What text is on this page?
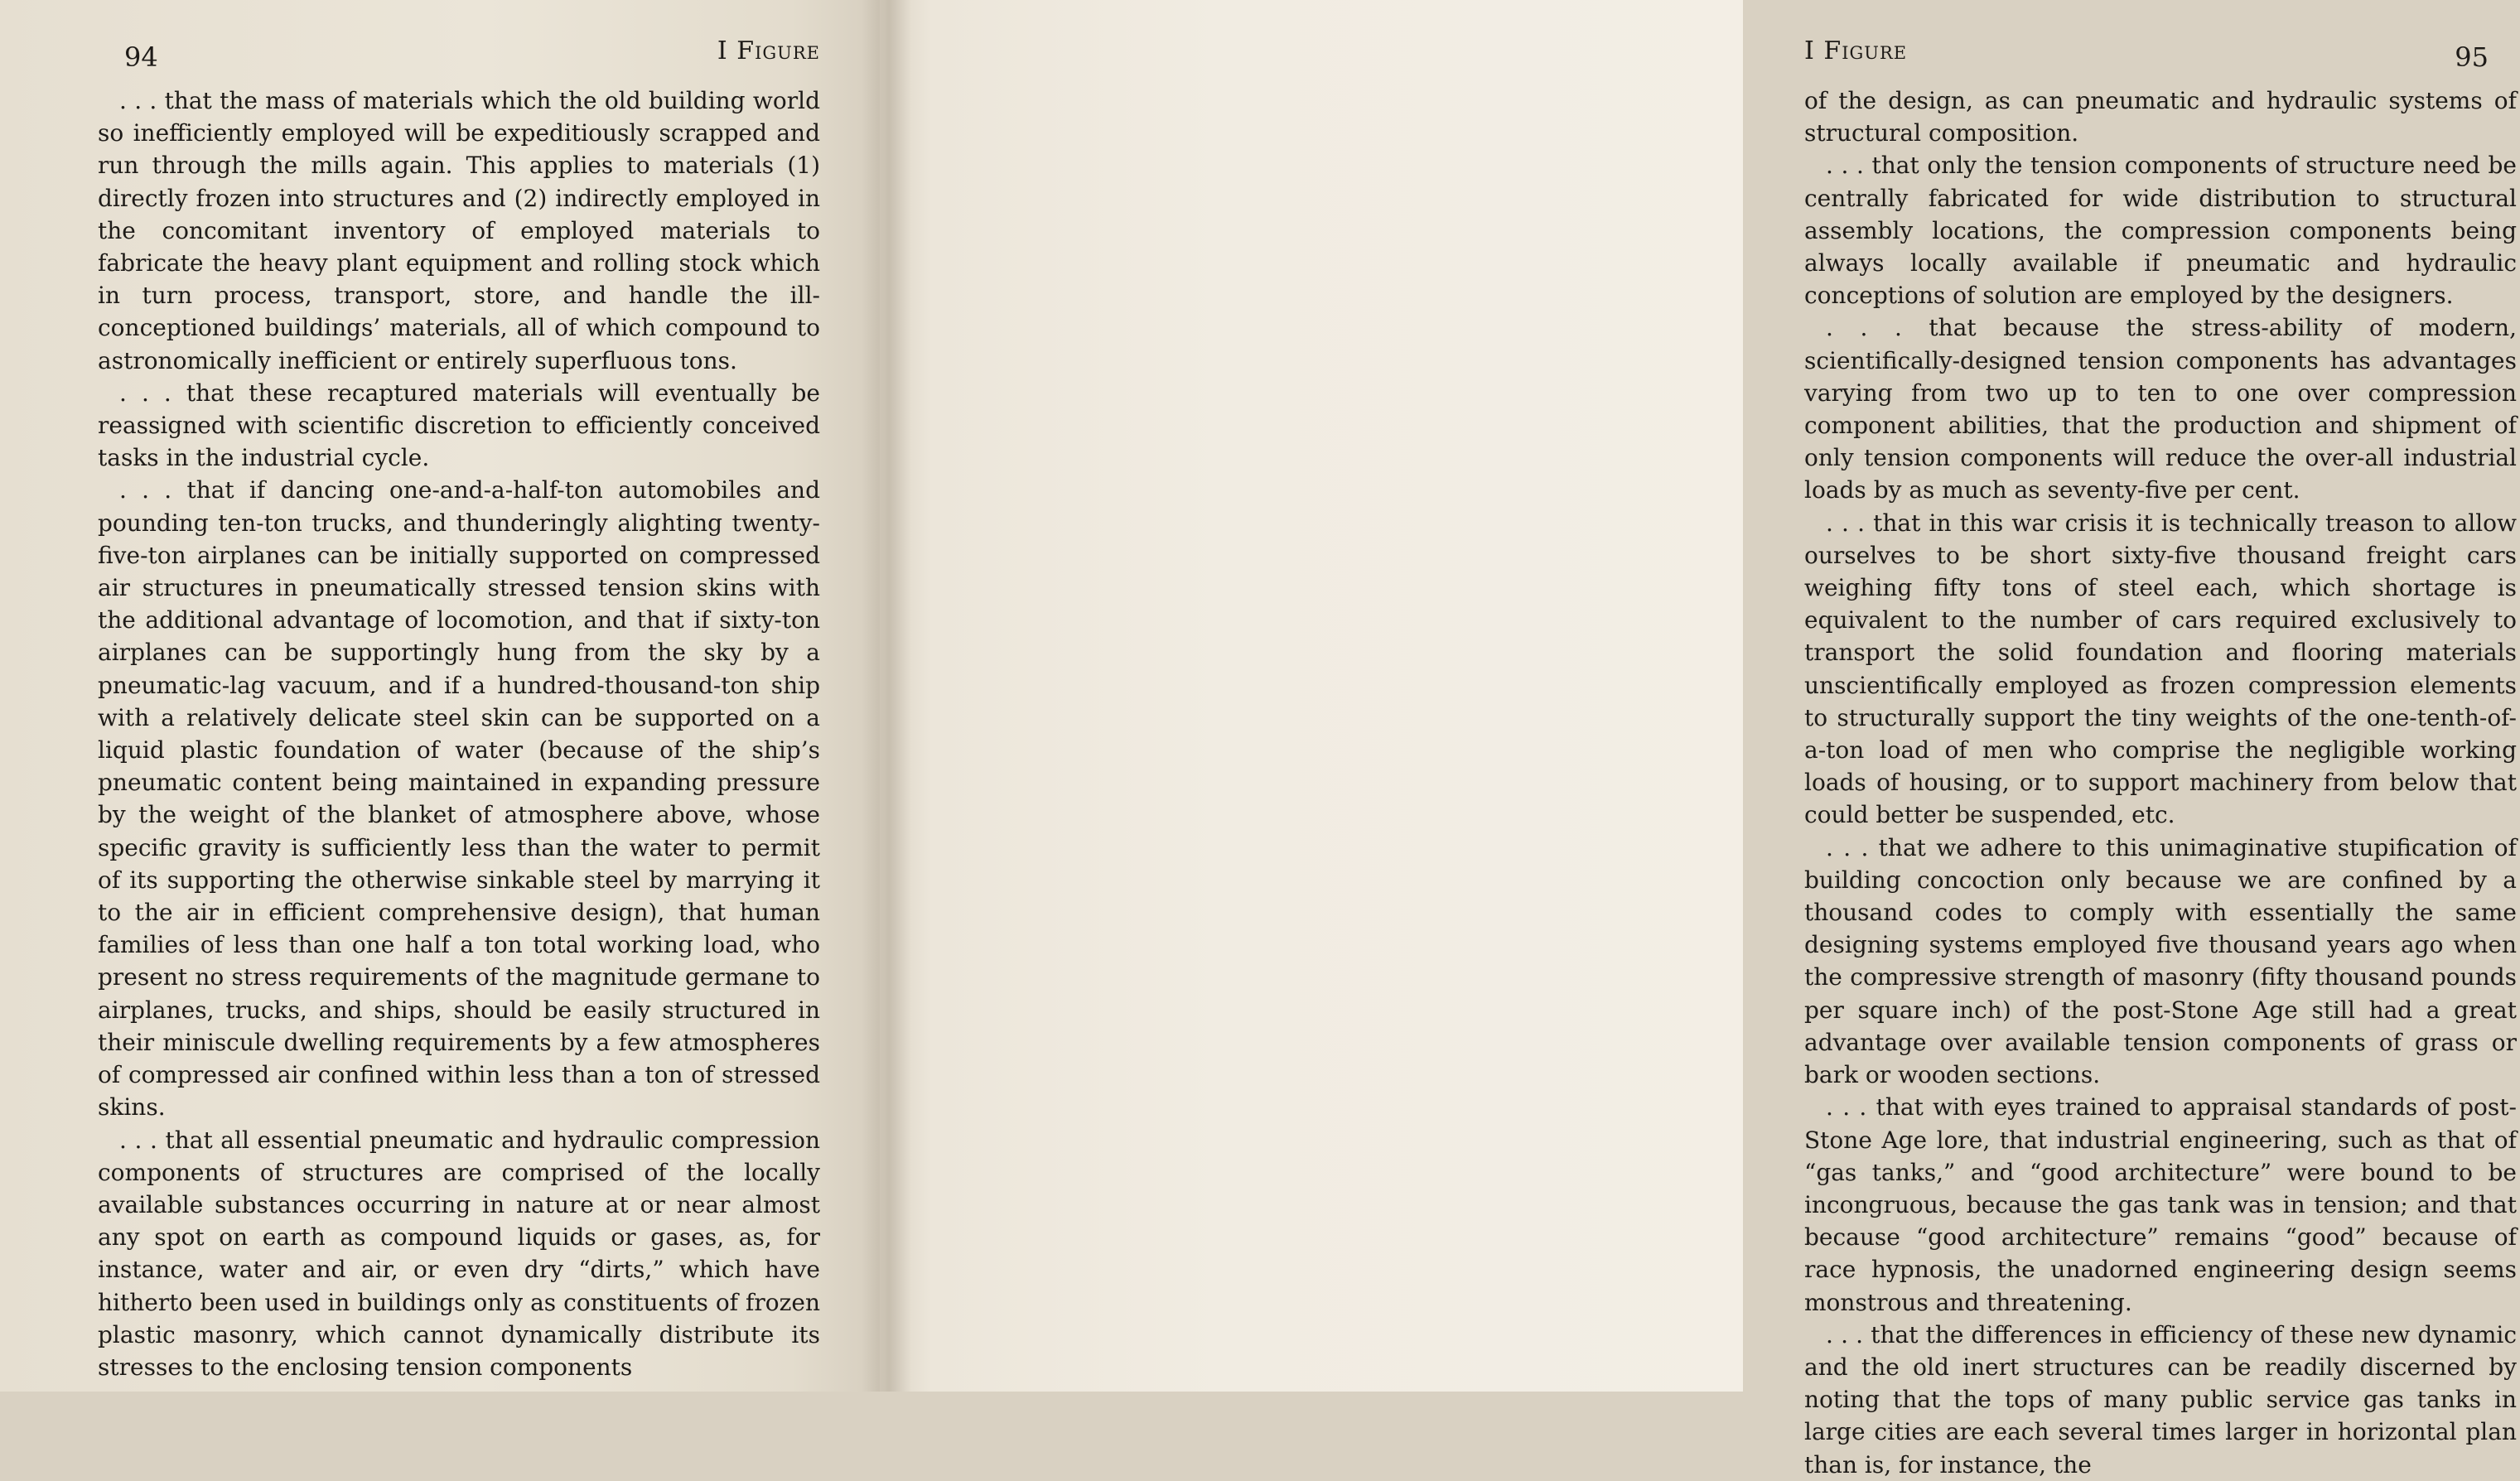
94	I Figure

. . . that the mass of materials which the old building world so inefficiently employed will be expeditiously scrapped and run through the mills again. This applies to materials (1) directly frozen into structures and (2) indirectly employed in the concomitant inventory of employed materials to fabricate the heavy plant equipment and rolling stock which in turn process, transport, store, and handle the ill-conceptioned buildings’ materials, all of which compound to astronomically inefficient or entirely superfluous tons.

. . . that these recaptured materials will eventually be reassigned with scientific discretion to efficiently conceived tasks in the industrial cycle.

. . . that if dancing one-and-a-half-ton automobiles and pounding ten-ton trucks, and thunderingly alighting twenty-five-ton airplanes can be initially supported on compressed air structures in pneumatically stressed tension skins with the additional advantage of locomotion, and that if sixty-ton airplanes can be supportingly hung from the sky by a pneumatic-lag vacuum, and if a hundred-thousand-ton ship with a relatively delicate steel skin can be supported on a liquid plastic foundation of water (because of the ship’s pneumatic content being maintained in expanding pressure by the weight of the blanket of atmosphere above, whose specific gravity is sufficiently less than the water to permit of its supporting the otherwise sinkable steel by marrying it to the air in efficient comprehensive design), that human families of less than one half a ton total working load, who present no stress requirements of the magnitude germane to airplanes, trucks, and ships, should be easily structured in their miniscule dwelling requirements by a few atmospheres of compressed air confined within less than a ton of stressed skins.

. . . that all essential pneumatic and hydraulic compression components of structures are comprised of the locally available substances occurring in nature at or near almost any spot on earth as compound liquids or gases, as, for instance, water and air, or even dry “dirts,” which have hitherto been used in buildings only as constituents of frozen plastic masonry, which cannot dynamically distribute its stresses to the enclosing tension components

I Figure	95

of the design, as can pneumatic and hydraulic systems of structural composition.

. . . that only the tension components of structure need be centrally fabricated for wide distribution to structural assembly locations, the compression components being always locally available if pneumatic and hydraulic conceptions of solution are employed by the designers.

. . . that because the stress-ability of modern, scientifically-designed tension components has advantages varying from two up to ten to one over compression component abilities, that the production and shipment of only tension components will reduce the over-all industrial loads by as much as seventy-five per cent.

. . . that in this war crisis it is technically treason to allow ourselves to be short sixty-five thousand freight cars weighing fifty tons of steel each, which shortage is equivalent to the number of cars required exclusively to transport the solid foundation and flooring materials unscientifically employed as frozen compression elements to structurally support the tiny weights of the one-tenth-of-a-ton load of men who comprise the negligible working loads of housing, or to support machinery from below that could better be suspended, etc.

. . . that we adhere to this unimaginative stupification of building concoction only because we are confined by a thousand codes to comply with essentially the same designing systems employed five thousand years ago when the compressive strength of masonry (fifty thousand pounds per square inch) of the post-Stone Age still had a great advantage over available tension components of grass or bark or wooden sections.

. . . that with eyes trained to appraisal standards of post-Stone Age lore, that industrial engineering, such as that of “gas tanks,” and “good architecture” were bound to be incongruous, because the gas tank was in tension; and that because “good architecture” remains “good” because of race hypnosis, the unadorned engineering design seems monstrous and threatening.

. . . that the differences in efficiency of these new dynamic and the old inert structures can be readily discerned by noting that the tops of many public service gas tanks in large cities are each several times larger in horizontal plan than is, for instance, the
